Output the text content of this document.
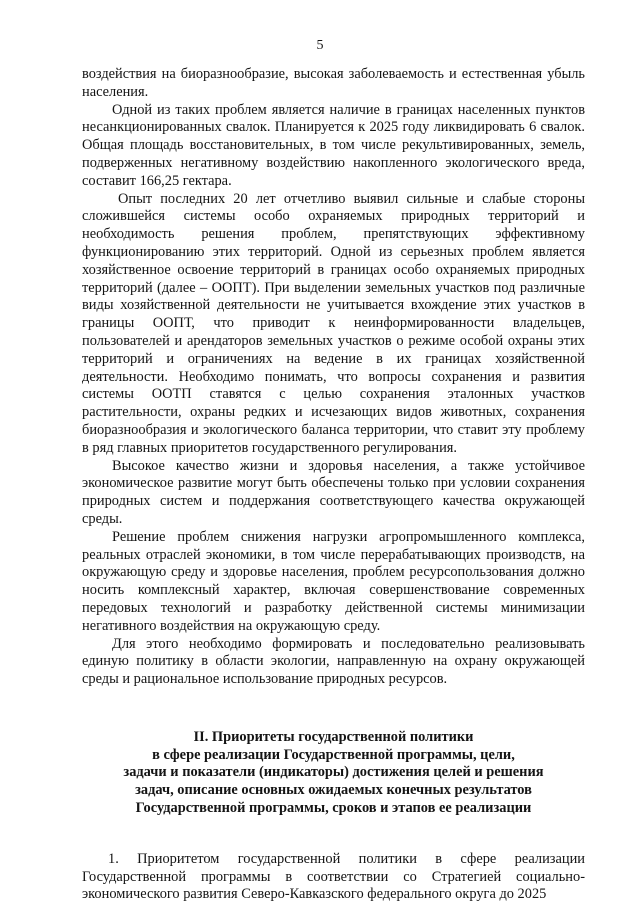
5

воздействия на биоразнообразие, высокая заболеваемость и естественная убыль населения.

Одной из таких проблем является наличие в границах населенных пунктов несанкционированных свалок. Планируется к 2025 году ликвидировать 6 свалок. Общая площадь восстановительных, в том числе рекультивированных, земель, подверженных негативному воздействию накопленного экологического вреда, составит 166,25 гектара.

Опыт последних 20 лет отчетливо выявил сильные и слабые стороны сложившейся системы особо охраняемых природных территорий и необходимость решения проблем, препятствующих эффективному функционированию этих территорий. Одной из серьезных проблем является хозяйственное освоение территорий в границах особо охраняемых природных территорий (далее – ООПТ). При выделении земельных участков под различные виды хозяйственной деятельности не учитывается вхождение этих участков в границы ООПТ, что приводит к неинформированности владельцев, пользователей и арендаторов земельных участков о режиме особой охраны этих территорий и ограничениях на ведение в их границах хозяйственной деятельности. Необходимо понимать, что вопросы сохранения и развития системы ООТП ставятся с целью сохранения эталонных участков растительности, охраны редких и исчезающих видов животных, сохранения биоразнообразия и экологического баланса территории, что ставит эту проблему в ряд главных приоритетов государственного регулирования.

Высокое качество жизни и здоровья населения, а также устойчивое экономическое развитие могут быть обеспечены только при условии сохранения природных систем и поддержания соответствующего качества окружающей среды.

Решение проблем снижения нагрузки агропромышленного комплекса, реальных отраслей экономики, в том числе перерабатывающих производств, на окружающую среду и здоровье населения, проблем ресурсопользования должно носить комплексный характер, включая совершенствование современных передовых технологий и разработку действенной системы минимизации негативного воздействия на окружающую среду.

Для этого необходимо формировать и последовательно реализовывать единую политику в области экологии, направленную на охрану окружающей среды и рациональное использование природных ресурсов.

II. Приоритеты государственной политики
в сфере реализации Государственной программы, цели,
задачи и показатели (индикаторы) достижения целей и решения
задач, описание основных ожидаемых конечных результатов
Государственной программы, сроков и этапов ее реализации

1. Приоритетом государственной политики в сфере реализации Государственной программы в соответствии со Стратегией социально-экономического развития Северо-Кавказского федерального округа до 2025
